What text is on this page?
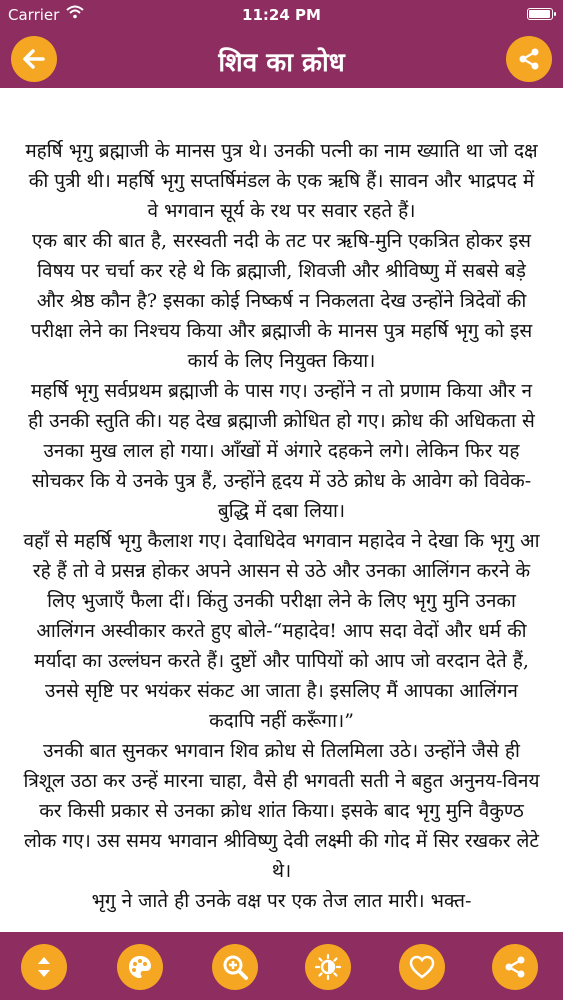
Carrier	11:24 PM
शिव का क्रोध

महर्षि भृगु ब्रह्माजी के मानस पुत्र थे। उनकी पत्नी का नाम ख्याति था जो दक्ष की पुत्री थी। महर्षि भृगु सप्तर्षिमंडल के एक ऋषि हैं। सावन और भाद्रपद में वे भगवान सूर्य के रथ पर सवार रहते हैं।
एक बार की बात है, सरस्वती नदी के तट पर ऋषि-मुनि एकत्रित होकर इस विषय पर चर्चा कर रहे थे कि ब्रह्माजी, शिवजी और श्रीविष्णु में सबसे बड़े और श्रेष्ठ कौन है? इसका कोई निष्कर्ष न निकलता देख उन्होंने त्रिदेवों की परीक्षा लेने का निश्चय किया और ब्रह्माजी के मानस पुत्र महर्षि भृगु को इस कार्य के लिए नियुक्त किया।
महर्षि भृगु सर्वप्रथम ब्रह्माजी के पास गए। उन्होंने न तो प्रणाम किया और न ही उनकी स्तुति की। यह देख ब्रह्माजी क्रोधित हो गए। क्रोध की अधिकता से उनका मुख लाल हो गया। आँखों में अंगारे दहकने लगे। लेकिन फिर यह सोचकर कि ये उनके पुत्र हैं, उन्होंने हृदय में उठे क्रोध के आवेग को विवेक-बुद्धि में दबा लिया।
वहाँ से महर्षि भृगु कैलाश गए। देवाधिदेव भगवान महादेव ने देखा कि भृगु आ रहे हैं तो वे प्रसन्न होकर अपने आसन से उठे और उनका आलिंगन करने के लिए भुजाएँ फैला दीं। किंतु उनकी परीक्षा लेने के लिए भृगु मुनि उनका आलिंगन अस्वीकार करते हुए बोले-“महादेव! आप सदा वेदों और धर्म की मर्यादा का उल्लंघन करते हैं। दुष्टों और पापियों को आप जो वरदान देते हैं, उनसे सृष्टि पर भयंकर संकट आ जाता है। इसलिए मैं आपका आलिंगन कदापि नहीं करूँगा।”
उनकी बात सुनकर भगवान शिव क्रोध से तिलमिला उठे। उन्होंने जैसे ही त्रिशूल उठा कर उन्हें मारना चाहा, वैसे ही भगवती सती ने बहुत अनुनय-विनय कर किसी प्रकार से उनका क्रोध शांत किया। इसके बाद भृगु मुनि वैकुण्ठ लोक गए। उस समय भगवान श्रीविष्णु देवी लक्ष्मी की गोद में सिर रखकर लेटे थे।
भृगु ने जाते ही उनके वक्ष पर एक तेज लात मारी। भक्त-
